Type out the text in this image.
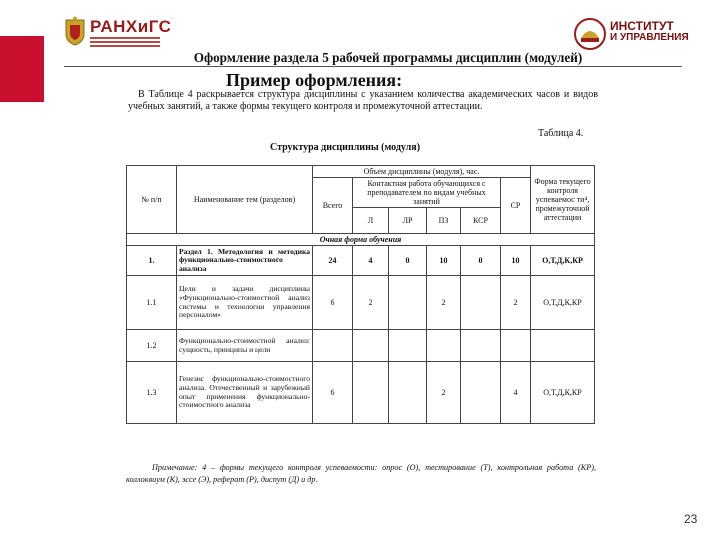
РАНХиГС	ИНСТИТУТ
И УПРАВЛЕНИЯ
Оформление раздела 5 рабочей программы дисциплин (модулей)
Пример оформления:
В Таблице 4 раскрывается структура дисциплины с указанием количества академических часов и видов учебных занятий, а также формы текущего контроля и промежуточной аттестации.
Таблица 4.
Структура дисциплины (модуля)
№ п/п	Наименование тем (разделов)	Объем дисциплины (модуля), час.						Форма текущего контроля успеваемос ти⁴, промежуточной аттестации
		Всего	Контактная работа обучающихся с преподавателем по видам учебных занятий				СР	
			Л	ЛР	ПЗ	КСР		
Очная форма обучения								
1.	Раздел 1. Методология и методика функционально-стоимостного анализа	24	4	0	10	0	10	О,Т,Д,К,КР
1.1	Цели и задачи дисциплины «Функционально-стоимостной анализ системы и технологии управления персоналом»	6	2		2		2	О,Т,Д,К,КР
1.2	Функционально-стоимостной анализ: сущность, принципы и цели							
1.3	Генезис функционально-стоимостного анализа. Отечественный и зарубежный опыт применения функционально-стоимостного анализа	6			2		4	О,Т,Д,К,КР
Примечание: 4 – формы текущего контроля успеваемости: опрос (О), тестирование (Т), контрольная работа (КР), коллоквиум (К), эссе (Э), реферат (Р), диспут (Д) и др.
23
